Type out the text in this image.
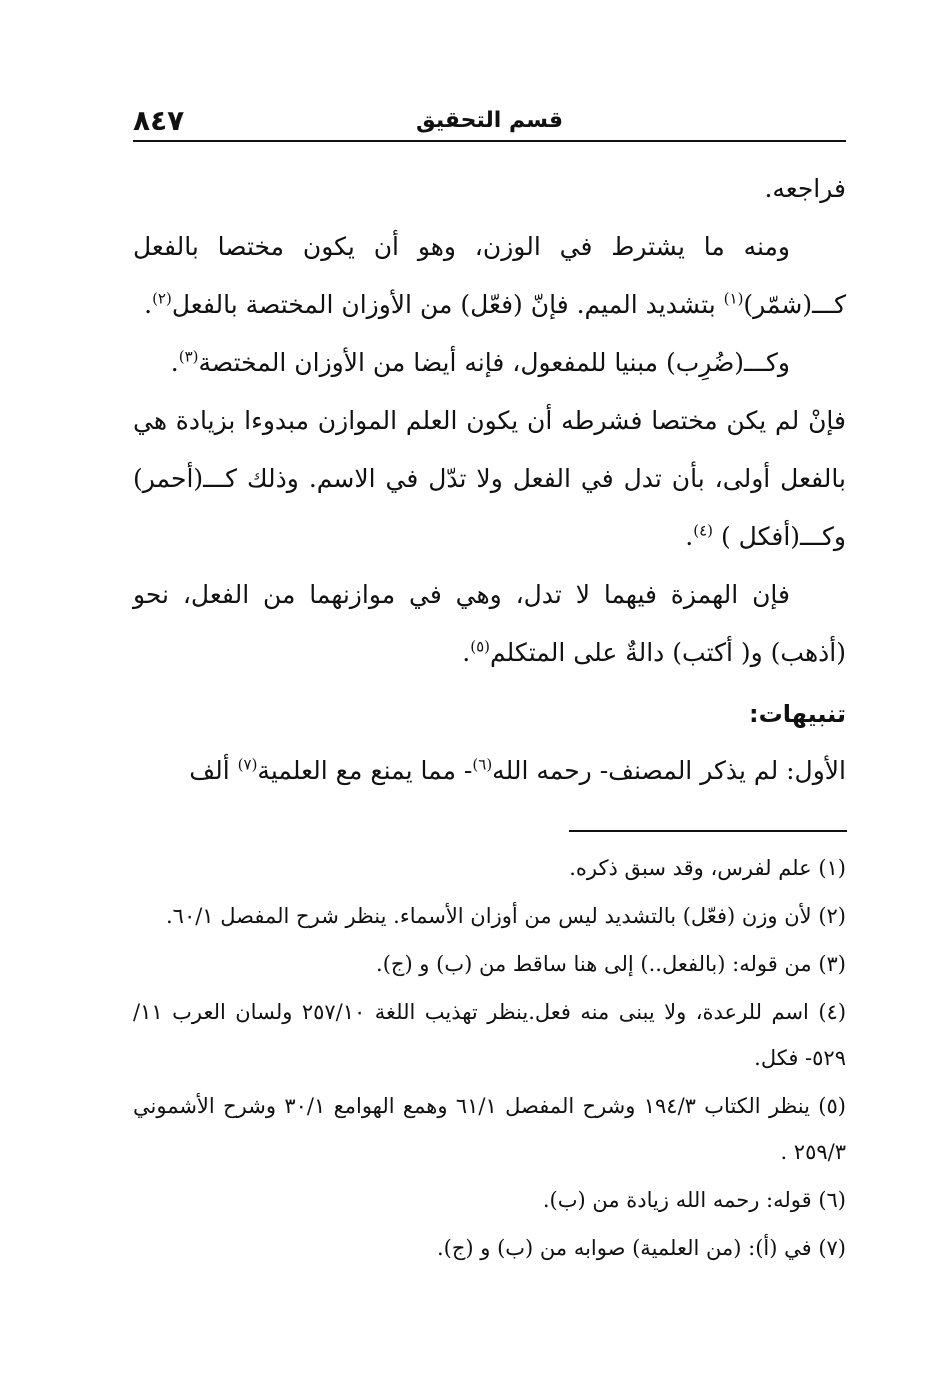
٨٤٧	قسم التحقيق

فراجعه.

ومنه ما يشترط في الوزن، وهو أن يكون مختصا بالفعل كـــ(شمّر)$^{(١)}$ بتشديد الميم. فإنّ (فعّل) من الأوزان المختصة بالفعل$^{(٢)}$.

وكـــ(ضُرِب) مبنيا للمفعول، فإنه أيضا من الأوزان المختصة$^{(٣)}$.

فإنْ لم يكن مختصا فشرطه أن يكون العلم الموازن مبدوءا بزيادة هي بالفعل أولى، بأن تدل في الفعل ولا تدّل في الاسم. وذلك كـــ(أحمر) وكـــ(أفكل ) $^{(٤)}$.

فإن الهمزة فيهما لا تدل، وهي في موازنهما من الفعل، نحو (أذهب) و( أكتب) دالةٌ على المتكلم$^{(٥)}$.

تنبيهات:

الأول: لم يذكر المصنف- رحمه الله$^{(٦)}$- مما يمنع مع العلمية$^{(٧)}$ ألف

(١) علم لفرس، وقد سبق ذكره.

(٢) لأن وزن (فعّل) بالتشديد ليس من أوزان الأسماء. ينظر شرح المفصل ٦٠/١.

(٣) من قوله: (بالفعل..) إلى هنا ساقط من (ب) و (ج).

(٤) اسم للرعدة، ولا يبنى منه فعل.ينظر تهذيب اللغة ٢٥٧/١٠ ولسان العرب ١١/ ٥٢٩- فكل.

(٥) ينظر الكتاب ١٩٤/٣ وشرح المفصل ٦١/١ وهمع الهوامع ٣٠/١ وشرح الأشموني ٢٥٩/٣ .

(٦) قوله: رحمه الله زيادة من (ب).

(٧) في (أ): (من العلمية) صوابه من (ب) و (ج).
